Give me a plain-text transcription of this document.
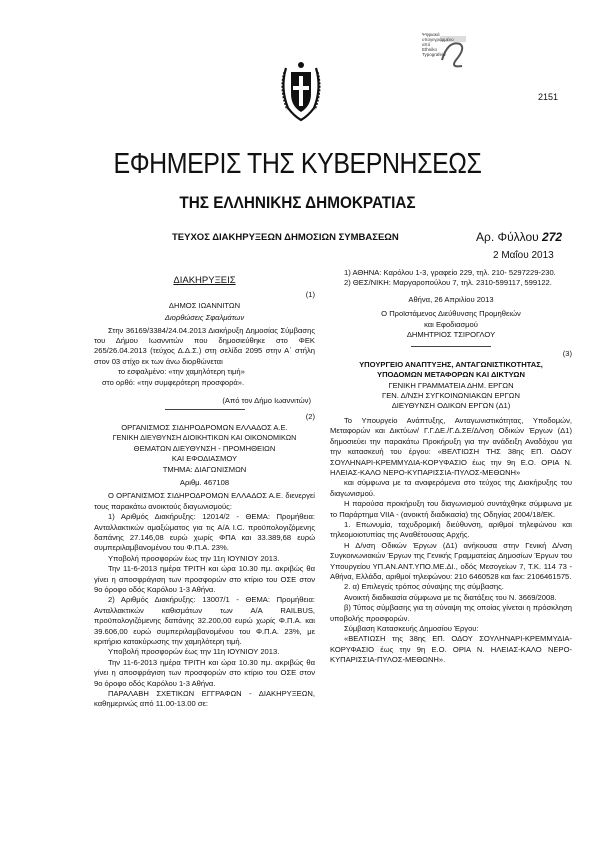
Ψηφιακά
υπογεγραμμένο
από
Ethniko
Typografeio
2151
ΕΦΗΜΕΡΙΣ ΤΗΣ ΚΥΒΕΡΝΗΣΕΩΣ
ΤΗΣ ΕΛΛΗΝΙΚΗΣ ΔΗΜΟΚΡΑΤΙΑΣ
ΤΕΥΧΟΣ ΔΙΑΚΗΡΥΞΕΩΝ ΔΗΜΟΣΙΩΝ ΣΥΜΒΑΣΕΩΝ	Αρ. Φύλλου 272
2 Μαΐου 2013
ΔΙΑΚΗΡΥΞΕΙΣ
(1)
ΔΗΜΟΣ ΙΩΑΝΝΙΤΩΝ
Διορθώσεις Σφαλμάτων

Στην 36169/3384/24.04.2013 Διακήρυξη Δημοσίας Σύμβασης του Δήμου Ιωαννιτών που δημοσιεύθηκε στο ΦΕΚ 265/26.04.2013 (τεύχος Δ.Δ.Σ.) στη σελίδα 2095 στην Α΄ στήλη στον 03 στίχο εκ των άνω διορθώνεται

το εσφαλμένο: «την χαμηλότερη τιμή»
στο ορθό: «την συμφερότερη προσφορά».
(Από τον Δήμο Ιωαννιτών)
(2)
ΟΡΓΑΝΙΣΜΟΣ ΣΙΔΗΡΟΔΡΟΜΩΝ ΕΛΛΑΔΟΣ Α.Ε.
ΓΕΝΙΚΗ ΔΙΕΥΘΥΝΣΗ ΔΙΟΙΚΗΤΙΚΩΝ ΚΑΙ ΟΙΚΟΝΟΜΙΚΩΝ
ΘΕΜΑΤΩΝ ΔΙΕΥΘΥΝΣΗ - ΠΡΟΜΗΘΕΙΩΝ
ΚΑΙ ΕΦΟΔΙΑΣΜΟΥ
ΤΜΗΜΑ: ΔΙΑΓΩΝΙΣΜΩΝ
Αριθμ. 467108

Ο ΟΡΓΑΝΙΣΜΟΣ ΣΙΔΗΡΟΔΡΟΜΩΝ ΕΛΛΑΔΟΣ Α.Ε. διενεργεί τους παρακάτω ανοικτούς διαγωνισμούς:

1) Αριθμός Διακήρυξης: 12014/2 - ΘΕΜΑ: Προμήθεια: Ανταλλακτικών αμαξώματος για τις Α/Α Ι.C. προϋπολογιζόμενης δαπάνης 27.146,08 ευρώ χωρίς ΦΠΑ και 33.389,68 ευρώ συμπεριλαμβανομένου του Φ.Π.Α. 23%.

Υποβολή προσφορών έως την 11η ΙΟΥΝΙΟΥ 2013.

Την 11-6-2013 ημέρα ΤΡΙΤΗ και ώρα 10.30 πμ. ακριβώς θα γίνει η αποσφράγιση των προσφορών στο κτίριο του ΟΣΕ στον 9ο όροφο οδός Καρόλου 1-3 Αθήνα.

2) Αριθμός Διακήρυξης: 13007/1 - ΘΕΜΑ: Προμήθεια: Ανταλλακτικών καθισμάτων των Α/Α RAILBUS, προϋπολογιζόμενης δαπάνης 32.200,00 ευρώ χωρίς Φ.Π.Α. και 39.606,00 ευρώ συμπεριλαμβανομένου του Φ.Π.Α. 23%, με κριτήριο κατακύρωσης την χαμηλότερη τιμή.

Υποβολή προσφορών έως την 11η ΙΟΥΝΙΟΥ 2013.

Την 11-6-2013 ημέρα ΤΡΙΤΗ και ώρα 10.30 πμ. ακριβώς θα γίνει η αποσφράγιση των προσφορών στο κτίριο του ΟΣΕ στον 9ο όροφο οδός Καρόλου 1-3 Αθήνα.

ΠΑΡΑΛΑΒΗ ΣΧΕΤΙΚΩΝ ΕΓΓΡΑΦΩΝ - ΔΙΑΚΗΡΥΞΕΩΝ, καθημερινώς από 11.00-13.00 σε:

1) ΑΘΗΝΑ: Καρόλου 1-3, γραφείο 229, τηλ. 210- 5297229-230.

2) ΘΕΣ/ΝΙΚΗ: Μαργαροπούλου 7, τηλ. 2310-599117, 599122.

Αθήνα, 26 Απριλίου 2013
Ο Προϊστάμενος Διεύθυνσης Προμηθειών
και Εφοδιασμού
ΔΗΜΗΤΡΙΟΣ ΤΣΙΡΟΓΛΟΥ
(3)
ΥΠΟΥΡΓΕΙΟ ΑΝΑΠΤΥΞΗΣ, ΑΝΤΑΓΩΝΙΣΤΙΚΟΤΗΤΑΣ,
ΥΠΟΔΟΜΩΝ ΜΕΤΑΦΟΡΩΝ ΚΑΙ ΔΙΚΤΥΩΝ
ΓΕΝΙΚΗ ΓΡΑΜΜΑΤΕΙΑ ΔΗΜ. ΕΡΓΩΝ
ΓΕΝ. Δ/ΝΣΗ ΣΥΓΚΟΙΝΩΝΙΑΚΩΝ ΕΡΓΩΝ
ΔΙΕΥΘΥΝΣΗ ΟΔΙΚΩΝ ΕΡΓΩΝ (Δ1)

Το Υπουργείο Ανάπτυξης, Ανταγωνιστικότητας, Υποδομών, Μεταφορών και Δικτύων/ Γ.Γ.ΔΕ./Γ.Δ.ΣΕ/Δ/νση Οδικών Έργων (Δ1) δημοσιεύει την παρακάτω Προκήρυξη για την ανάδειξη Αναδόχου για την κατασκευή του έργου: «ΒΕΛΤΙΩΣΗ ΤΗΣ 38ης ΕΠ. ΟΔΟΥ ΣΟΥΛΗΝΑΡΙ-ΚΡΕΜΜΥΔΙΑ-ΚΟΡΥΦΑΣΙΟ έως την 9η Ε.Ο. ΟΡΙΑ Ν. ΗΛΕΙΑΣ-ΚΑΛΟ ΝΕΡΟ-ΚΥΠΑΡΙΣΣΙΑ-ΠΥΛΟΣ-ΜΕΘΩΝΗ»

και σύμφωνα με τα αναφερόμενα στο τεύχος της Διακήρυξης του διαγωνισμού.

Η παρούσα προκήρυξη του διαγωνισμού συντάχθηκε σύμφωνα με το Παράρτημα VIIA - (ανοικτή διαδικασία) της Οδηγίας 2004/18/ΕΚ.

1. Επωνυμία, ταχυδρομική διεύθυνση, αριθμοί τηλεφώνου και τηλεομοιοτυπίας της Αναθέτουσας Αρχής.

Η Δ/νση Οδικών Έργων (Δ1) ανήκουσα στην Γενική Δ/νση Συγκοινωνιακών Έργων της Γενικής Γραμματείας Δημοσίων Έργων του Υπουργείου ΥΠ.ΑΝ.ΑΝΤ.ΥΠΟ.ΜΕ.ΔΙ., οδός Μεσογείων 7, Τ.Κ. 114 73 - Αθήνα, Ελλάδα, αριθμοί τηλεφώνου: 210 6460528 και fax: 2106461575.

2. α) Επιλεγείς τρόπος σύναψης της σύμβασης.

Ανοικτή διαδικασία σύμφωνα με τις διατάξεις του Ν. 3669/2008.

β) Τύπος σύμβασης για τη σύναψη της οποίας γίνεται η πρόσκληση υποβολής προσφορών.

Σύμβαση Κατασκευής Δημοσίου Έργου:

«ΒΕΛΤΙΩΣΗ της 38ης ΕΠ. ΟΔΟΥ ΣΟΥΛΗΝΑΡΙ-ΚΡΕΜΜΥΔΙΑ-ΚΟΡΥΦΑΣΙΟ έως την 9η Ε.Ο. ΟΡΙΑ Ν. ΗΛΕΙΑΣ-ΚΑΛΟ ΝΕΡΟ-ΚΥΠΑΡΙΣΣΙΑ-ΠΥΛΟΣ-ΜΕΘΩΝΗ».
